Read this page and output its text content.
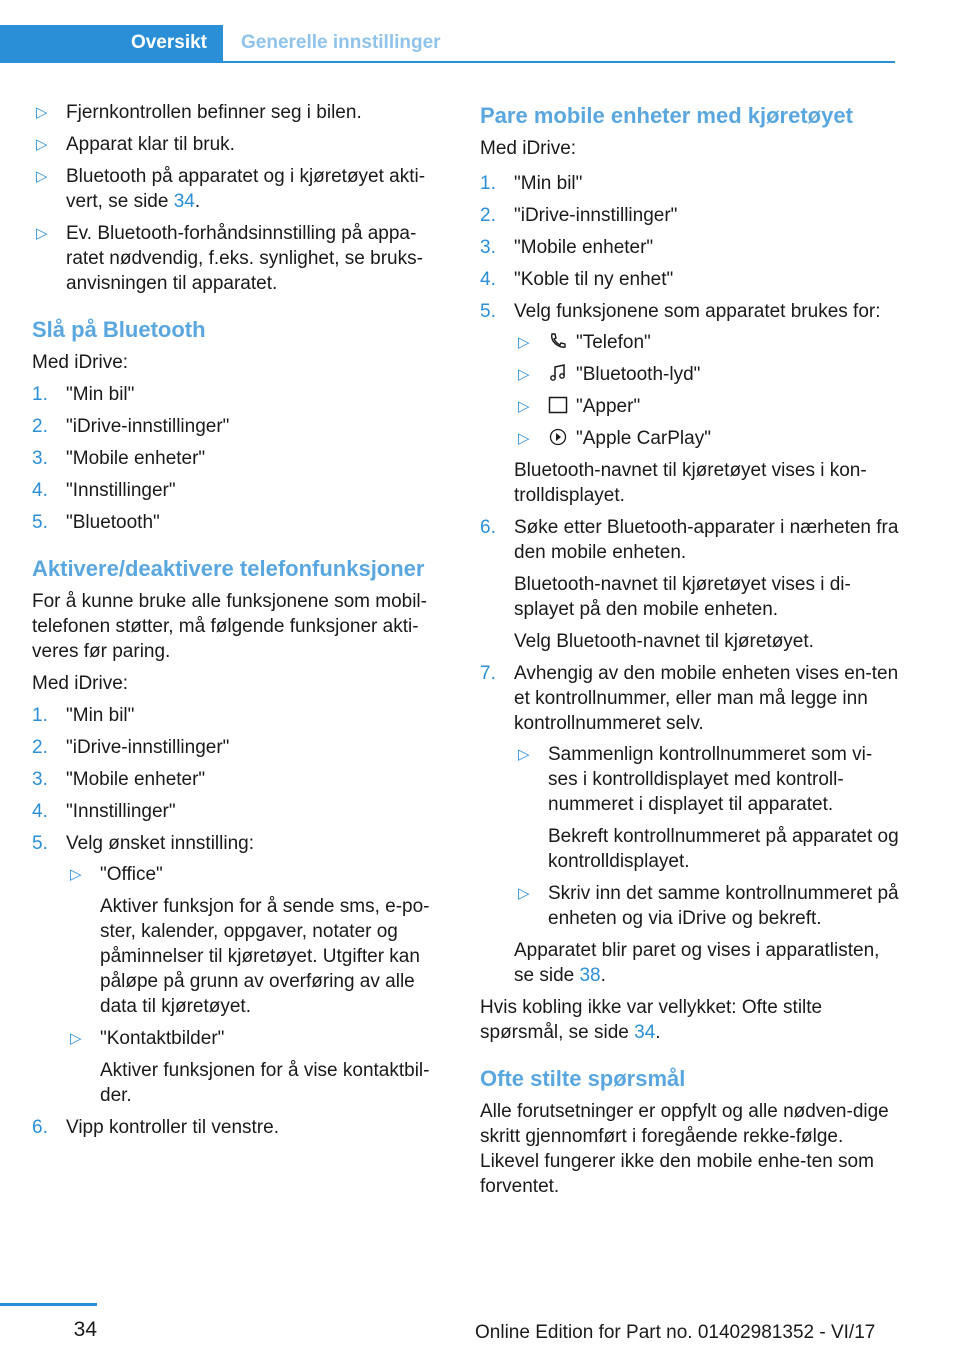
Oversikt	Generelle innstillinger
▷ Fjernkontrollen befinner seg i bilen.
▷ Apparat klar til bruk.
▷ Bluetooth på apparatet og i kjøretøyet akti-vert, se side 34.
▷ Ev. Bluetooth-forhåndsinnstilling på appa-ratet nødvendig, f.eks. synlighet, se bruks-anvisningen til apparatet.
Slå på Bluetooth

Med iDrive:

1. "Min bil"
2. "iDrive-innstillinger"
3. "Mobile enheter"
4. "Innstillinger"
5. "Bluetooth"
Aktivere/deaktivere telefonfunksjoner

For å kunne bruke alle funksjonene som mobil-telefonen støtter, må følgende funksjoner akti-veres før paring.

Med iDrive:

1. "Min bil"
2. "iDrive-innstillinger"
3. "Mobile enheter"
4. "Innstillinger"
5. Velg ønsket innstilling:
▷ "Office"
Aktiver funksjon for å sende sms, e-po-ster, kalender, oppgaver, notater og påminnelser til kjøretøyet. Utgifter kan påløpe på grunn av overføring av alle data til kjøretøyet.
▷ "Kontaktbilder"
Aktiver funksjonen for å vise kontaktbil-der.
6. Vipp kontroller til venstre.
Pare mobile enheter med kjøretøyet

Med iDrive:

1. "Min bil"
2. "iDrive-innstillinger"
3. "Mobile enheter"
4. "Koble til ny enhet"
5. Velg funksjonene som apparatet brukes for:
▷ "Telefon"
▷ "Bluetooth-lyd"
▷ "Apper"
▷ "Apple CarPlay"
Bluetooth-navnet til kjøretøyet vises i kon-trolldisplayet.
6. Søke etter Bluetooth-apparater i nærheten fra den mobile enheten.
Bluetooth-navnet til kjøretøyet vises i di-splayet på den mobile enheten.
Velg Bluetooth-navnet til kjøretøyet.
7. Avhengig av den mobile enheten vises en-ten et kontrollnummer, eller man må legge inn kontrollnummeret selv.
▷ Sammenlign kontrollnummeret som vi-ses i kontrolldisplayet med kontroll-nummeret i displayet til apparatet.
Bekreft kontrollnummeret på apparatet og kontrolldisplayet.
▷ Skriv inn det samme kontrollnummeret på enheten og via iDrive og bekreft.
Apparatet blir paret og vises i apparatlisten, se side 38.

Hvis kobling ikke var vellykket: Ofte stilte spørsmål, se side 34.

Ofte stilte spørsmål

Alle forutsetninger er oppfylt og alle nødven-dige skritt gjennomført i foregående rekke-følge. Likevel fungerer ikke den mobile enhe-ten som forventet.

34	Online Edition for Part no. 01402981352 - VI/17
